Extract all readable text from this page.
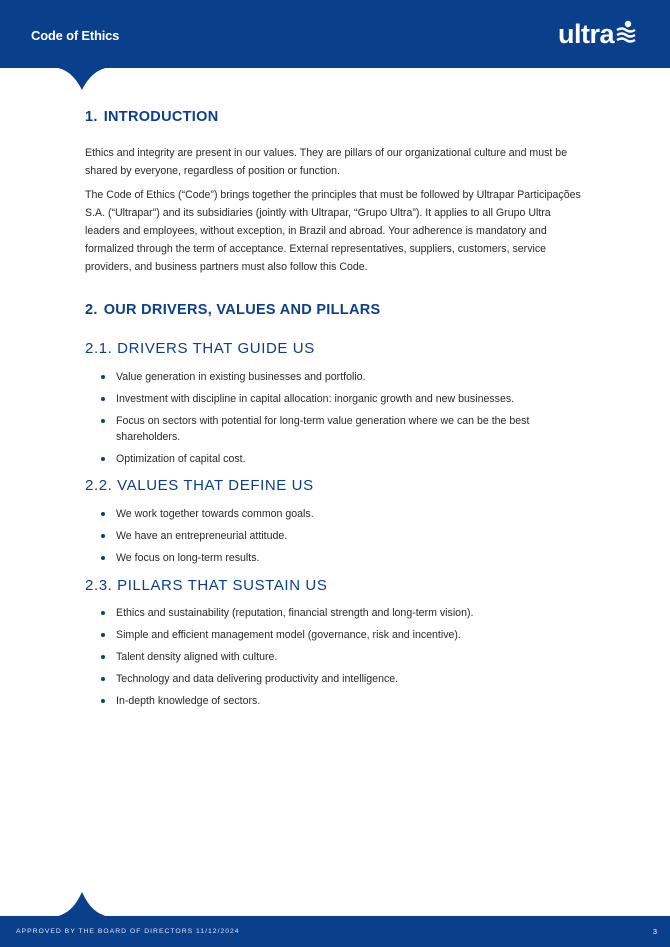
Code of Ethics	ultra
1. INTRODUCTION

Ethics and integrity are present in our values. They are pillars of our organizational culture and must be shared by everyone, regardless of position or function.

The Code of Ethics (“Code”) brings together the principles that must be followed by Ultrapar Participações S.A. (“Ultrapar”) and its subsidiaries (jointly with Ultrapar, “Grupo Ultra”). It applies to all Grupo Ultra leaders and employees, without exception, in Brazil and abroad. Your adherence is mandatory and formalized through the term of acceptance. External representatives, suppliers, customers, service providers, and business partners must also follow this Code.

2. OUR DRIVERS, VALUES AND PILLARS
2.1. DRIVERS THAT GUIDE US
Value generation in existing businesses and portfolio.
Investment with discipline in capital allocation: inorganic growth and new businesses.
Focus on sectors with potential for long-term value generation where we can be the best shareholders.
Optimization of capital cost.
2.2. VALUES THAT DEFINE US
We work together towards common goals.
We have an entrepreneurial attitude.
We focus on long-term results.
2.3. PILLARS THAT SUSTAIN US
Ethics and sustainability (reputation, financial strength and long-term vision).
Simple and efficient management model (governance, risk and incentive).
Talent density aligned with culture.
Technology and data delivering productivity and intelligence.
In-depth knowledge of sectors.
APPROVED BY THE BOARD OF DIRECTORS 11/12/2024	3
